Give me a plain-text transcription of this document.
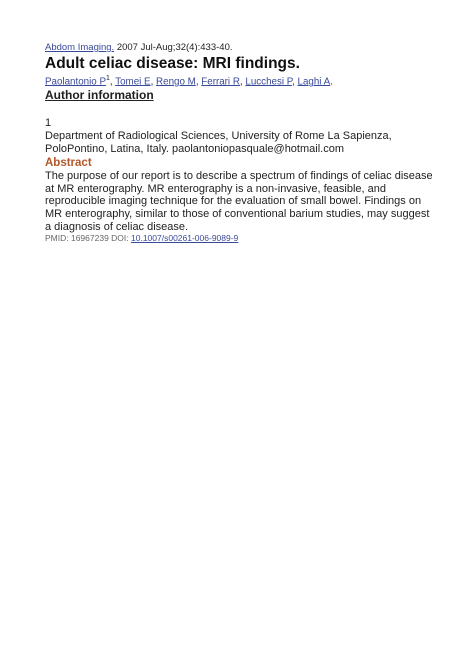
Abdom Imaging. 2007 Jul-Aug;32(4):433-40.
Adult celiac disease: MRI findings.
Paolantonio $P^1$, Tomei E, Rengo M, Ferrari R, Lucchesi P, Laghi A.
Author information
1
Department of Radiological Sciences, University of Rome La Sapienza,
PoloPontino, Latina, Italy. paolantoniopasquale@hotmail.com
Abstract
The purpose of our report is to describe a spectrum of findings of celiac disease
at MR enterography. MR enterography is a non-invasive, feasible, and
reproducible imaging technique for the evaluation of small bowel. Findings on
MR enterography, similar to those of conventional barium studies, may suggest
a diagnosis of celiac disease.
PMID: 16967239 DOI: 10.1007/s00261-006-9089-9
